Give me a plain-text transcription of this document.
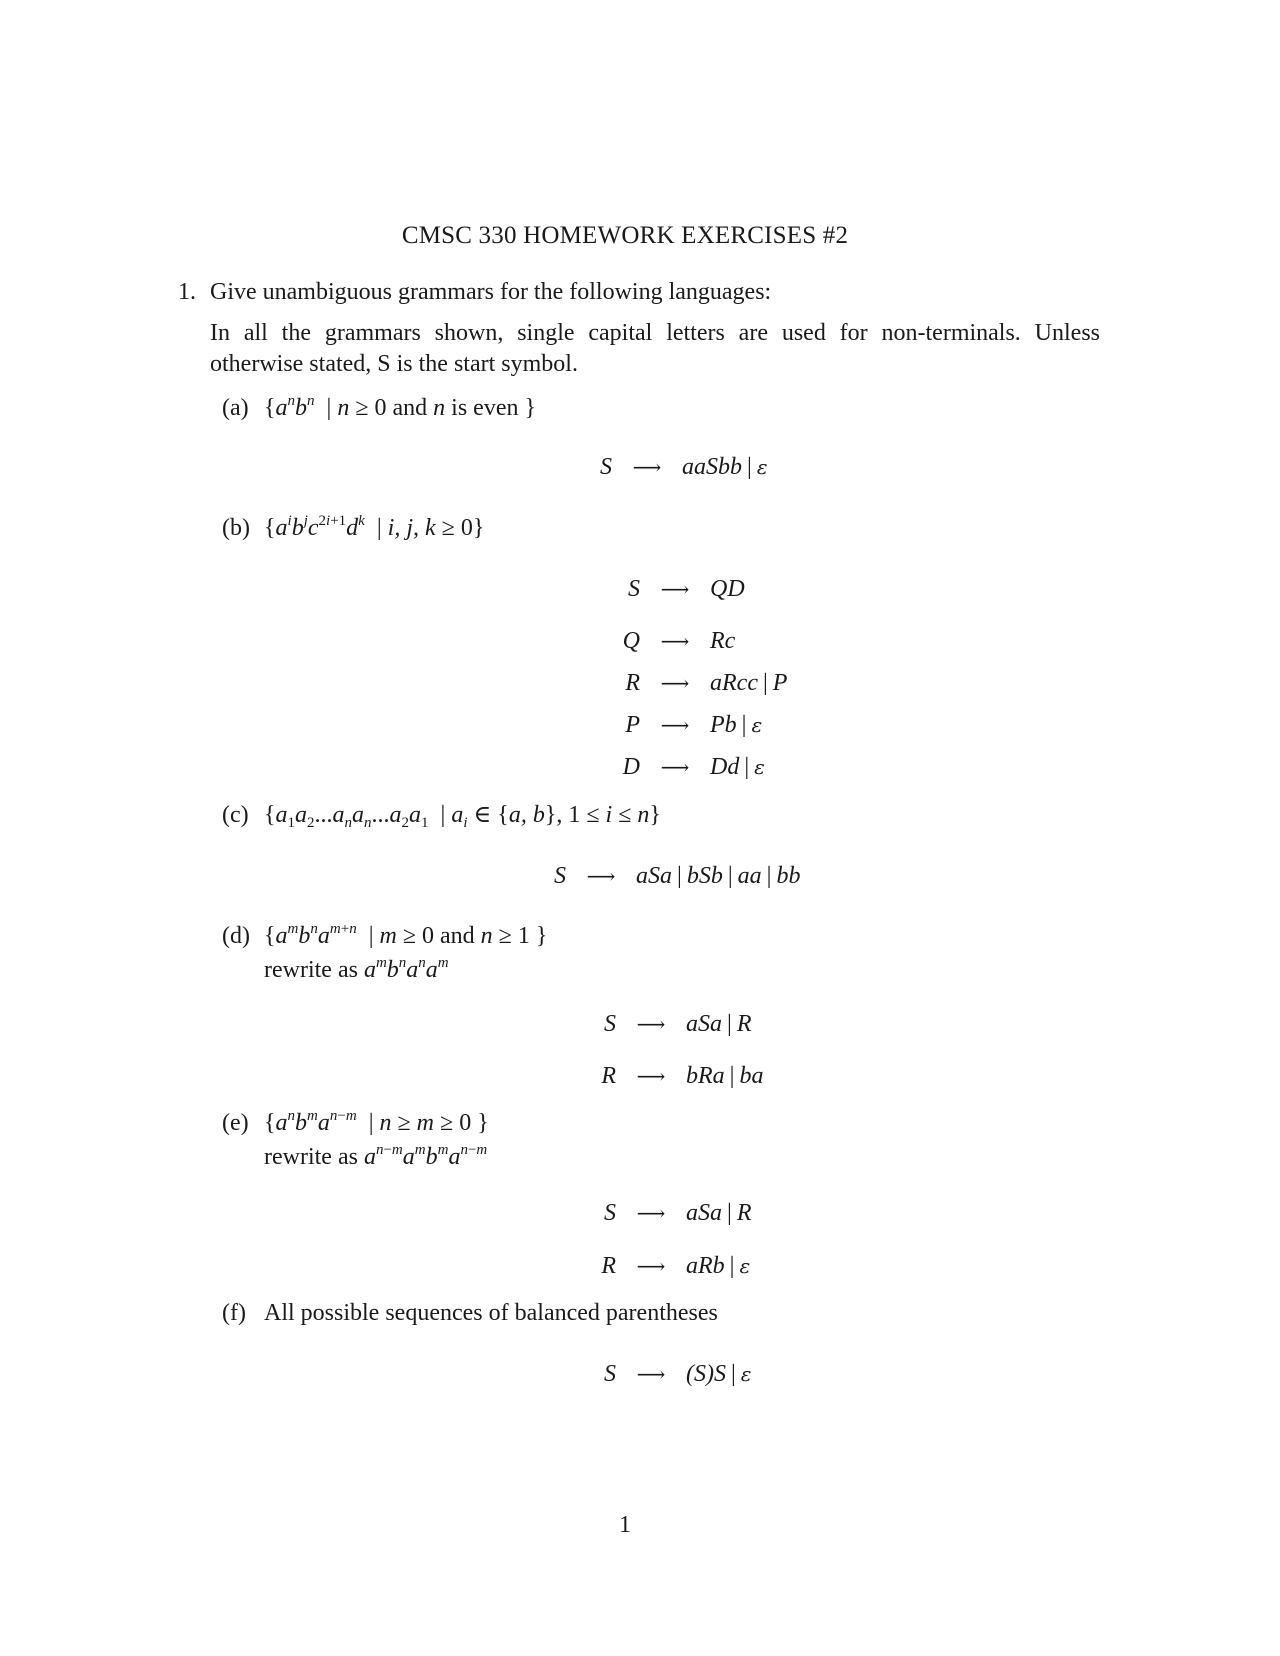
CMSC 330 HOMEWORK EXERCISES #2
1. Give unambiguous grammars for the following languages:
In all the grammars shown, single capital letters are used for non-terminals. Unless
otherwise stated, S is the start symbol.
(a) {$a^nb^n$  | n ≥ 0 and n is even }
(b) {$a^ib^jc^{2i+1}d^k$  | i, j, k ≥ 0}
(c) {$a_1a_2...a_na_n...a_2a_1$  | $a_i$ ∈ {a, b}, 1 ≤ i ≤ n}
(d) {$a^mb^na^{m+n}$  | m ≥ 0 and n ≥ 1 }
rewrite as $a^mb^na^na^m$
(e) {$a^nb^ma^{n-m}$  | n ≥ m ≥ 0 }
rewrite as $a^{n-m}a^mb^ma^{n-m}$
(f) All possible sequences of balanced parentheses
1
S	⟶ aaSbb | ε
S	⟶ QD
Q	⟶ Rc
R	⟶ aRcc | P
P	⟶ Pb | ε
D	⟶ Dd | ε
S	⟶ aSa | bSb | aa | bb
S	⟶ aSa | R
R	⟶ bRa | ba
S	⟶ aSa | R
R	⟶ aRb | ε
S	⟶ (S)S | ε
